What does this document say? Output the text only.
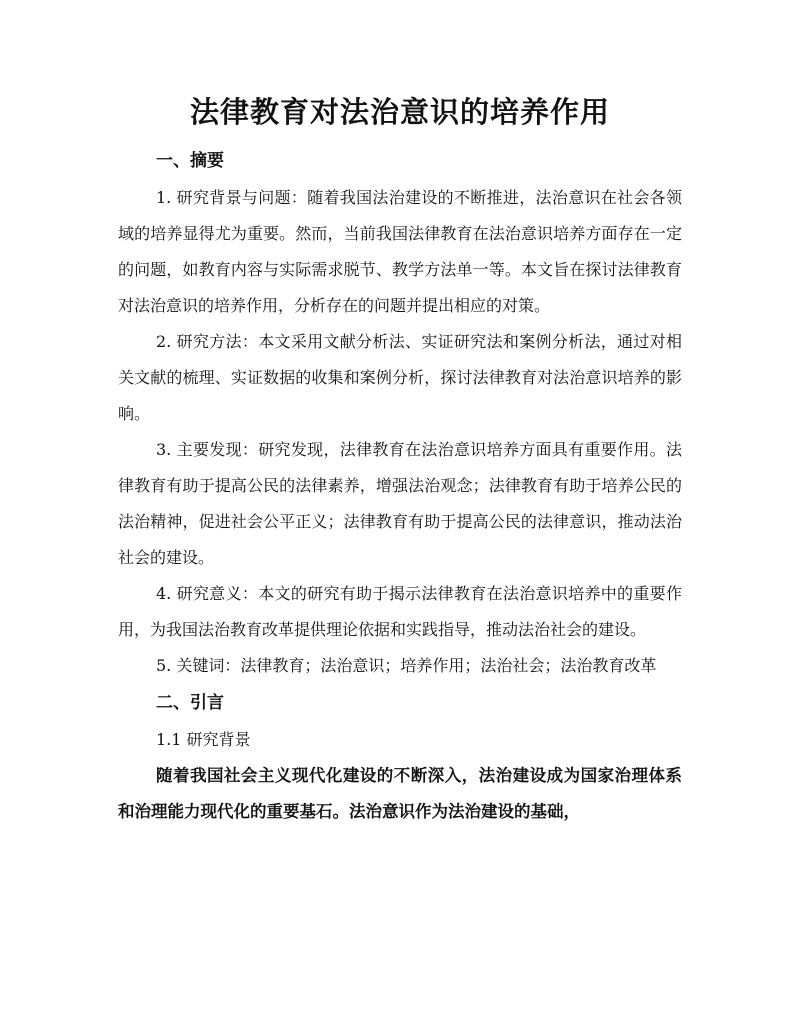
法律教育对法治意识的培养作用

一、摘要

1. 研究背景与问题：随着我国法治建设的不断推进，法治意识在社会各领域的培养显得尤为重要。然而，当前我国法律教育在法治意识培养方面存在一定的问题，如教育内容与实际需求脱节、教学方法单一等。本文旨在探讨法律教育对法治意识的培养作用，分析存在的问题并提出相应的对策。

2. 研究方法：本文采用文献分析法、实证研究法和案例分析法，通过对相关文献的梳理、实证数据的收集和案例分析，探讨法律教育对法治意识培养的影响。

3. 主要发现：研究发现，法律教育在法治意识培养方面具有重要作用。法律教育有助于提高公民的法律素养，增强法治观念；法律教育有助于培养公民的法治精神，促进社会公平正义；法律教育有助于提高公民的法律意识，推动法治社会的建设。

4. 研究意义：本文的研究有助于揭示法律教育在法治意识培养中的重要作用，为我国法治教育改革提供理论依据和实践指导，推动法治社会的建设。

5. 关键词：法律教育；法治意识；培养作用；法治社会；法治教育改革

二、引言

1.1 研究背景

随着我国社会主义现代化建设的不断深入，法治建设成为国家治理体系和治理能力现代化的重要基石。法治意识作为法治建设的基础，
